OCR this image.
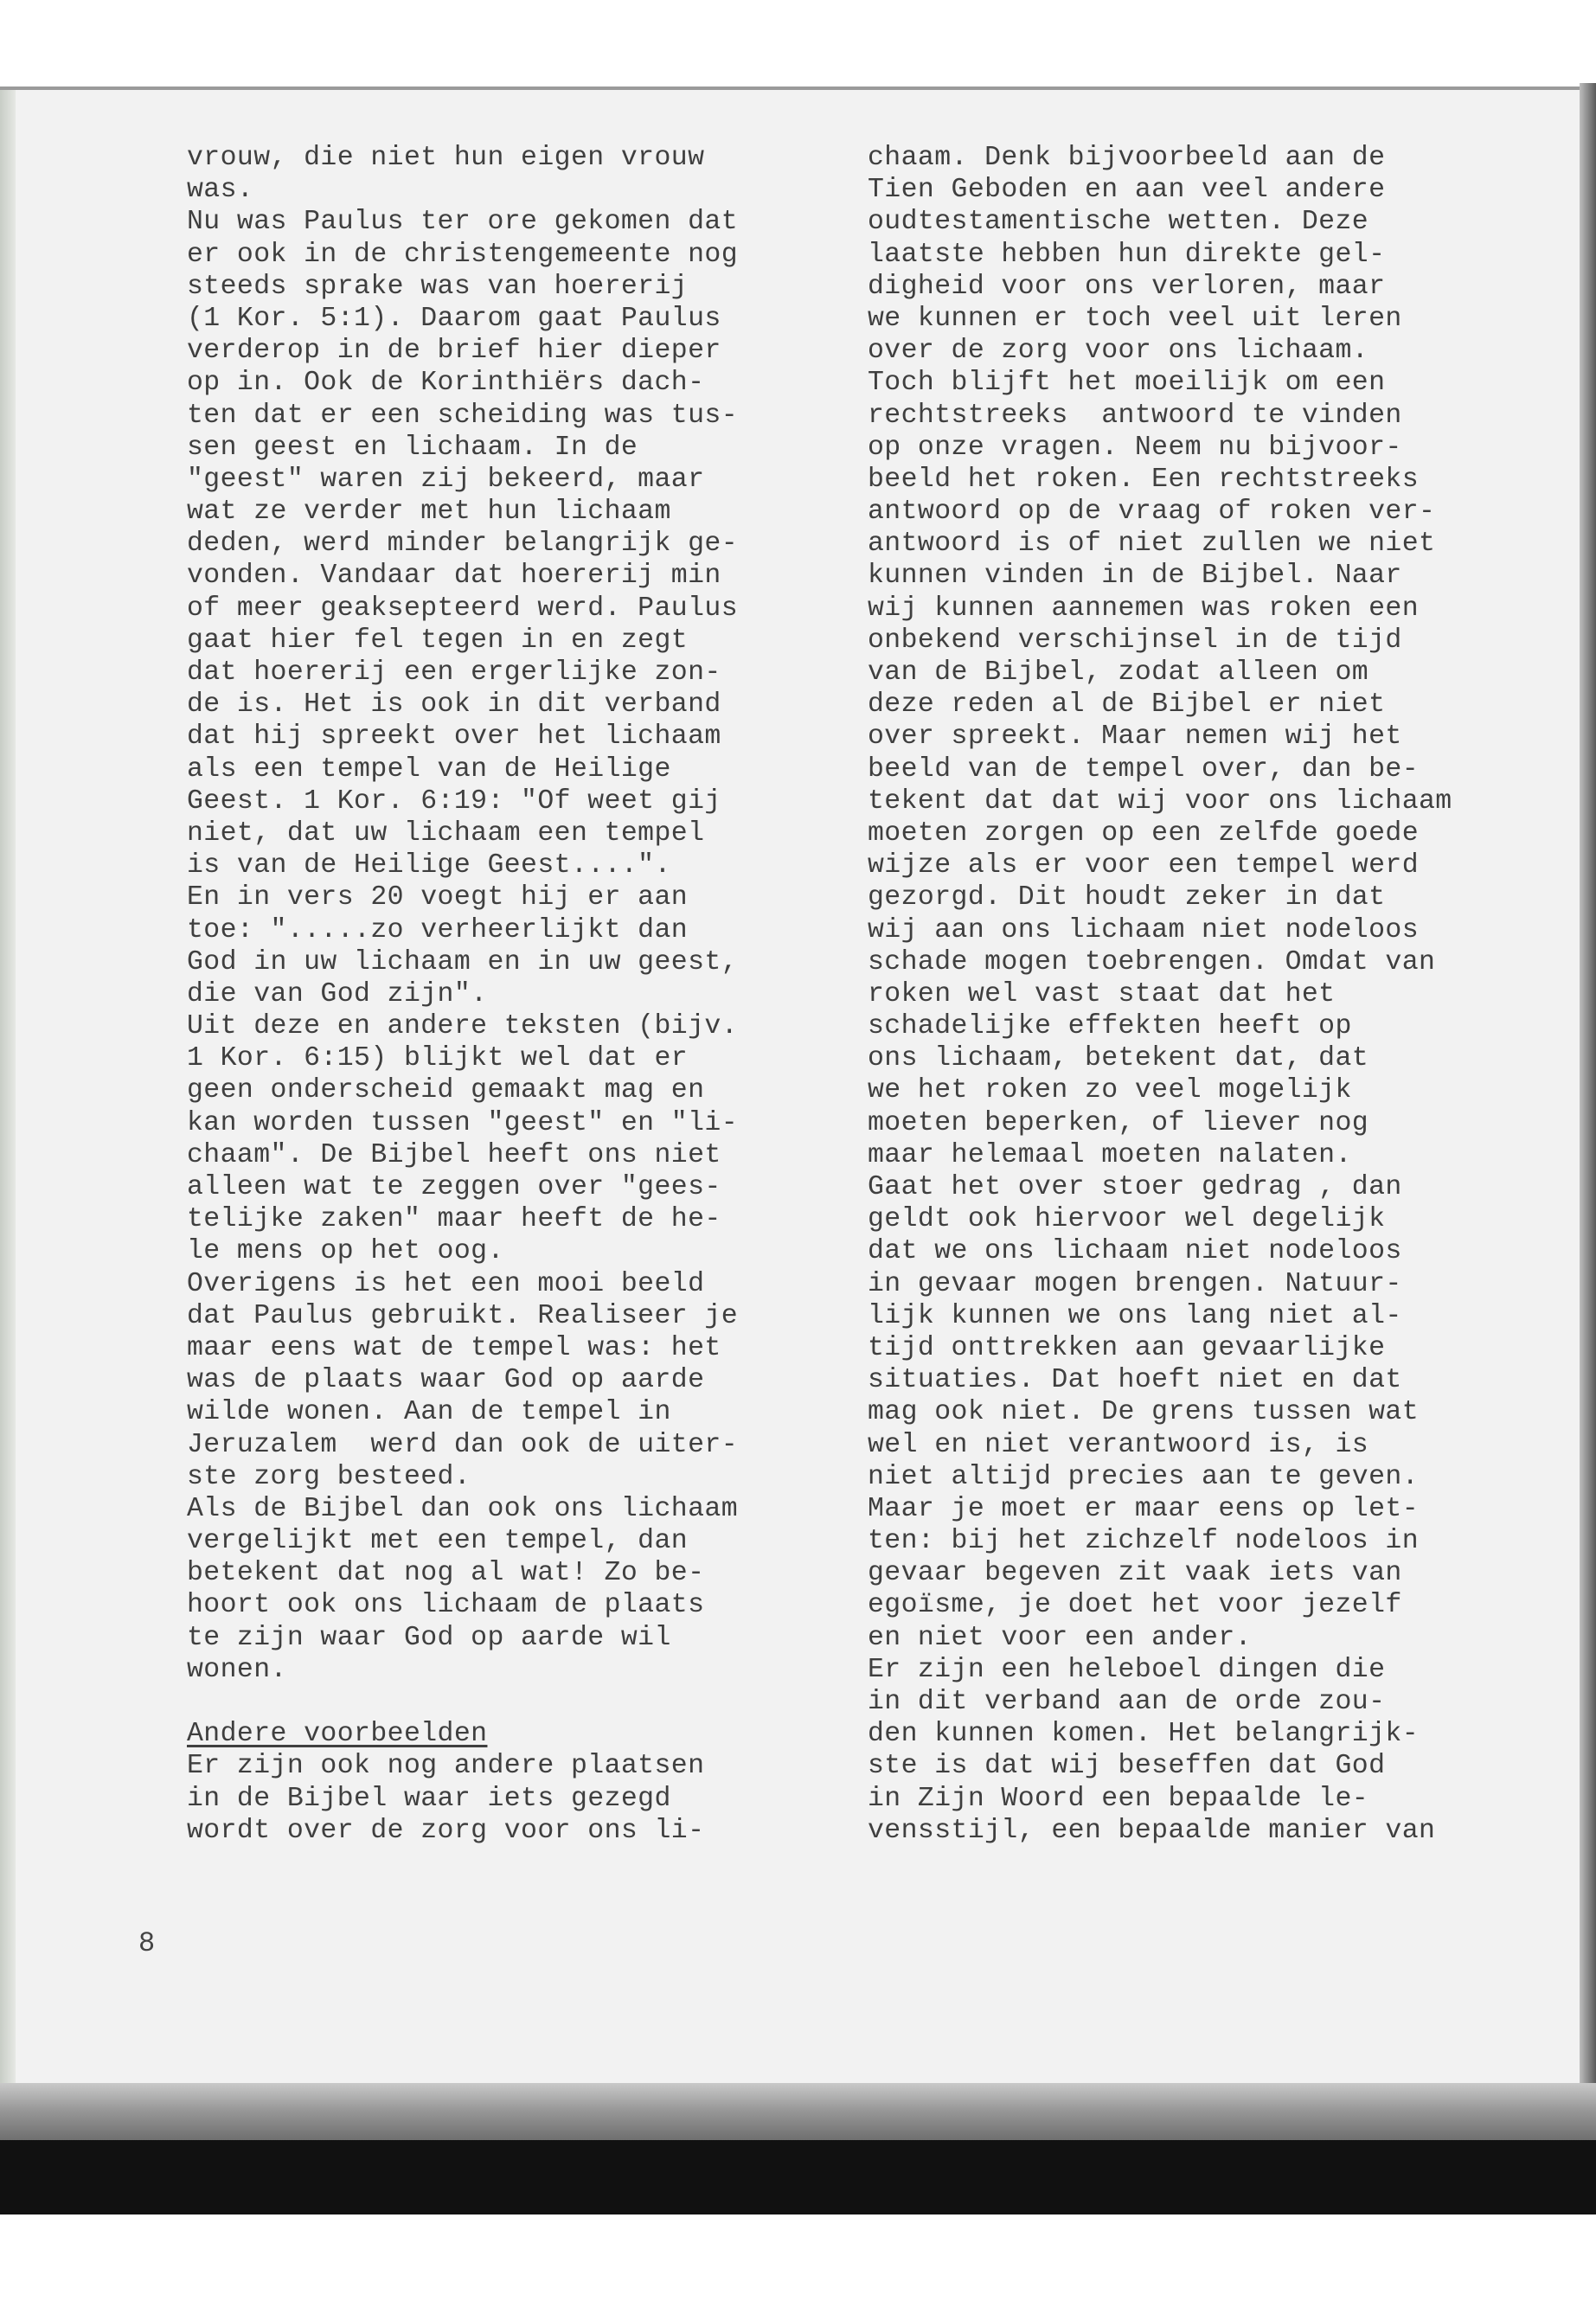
vrouw, die niet hun eigen vrouw
was.
Nu was Paulus ter ore gekomen dat
er ook in de christengemeente nog
steeds sprake was van hoererij
(1 Kor. 5:1). Daarom gaat Paulus
verderop in de brief hier dieper
op in. Ook de Korinthiërs dach-
ten dat er een scheiding was tus-
sen geest en lichaam. In de
"geest" waren zij bekeerd, maar
wat ze verder met hun lichaam
deden, werd minder belangrijk ge-
vonden. Vandaar dat hoererij min
of meer geaksepteerd werd. Paulus
gaat hier fel tegen in en zegt
dat hoererij een ergerlijke zon-
de is. Het is ook in dit verband
dat hij spreekt over het lichaam
als een tempel van de Heilige
Geest. 1 Kor. 6:19: "Of weet gij
niet, dat uw lichaam een tempel
is van de Heilige Geest....".
En in vers 20 voegt hij er aan
toe: ".....zo verheerlijkt dan
God in uw lichaam en in uw geest,
die van God zijn".
Uit deze en andere teksten (bijv.
1 Kor. 6:15) blijkt wel dat er
geen onderscheid gemaakt mag en
kan worden tussen "geest" en "li-
chaam". De Bijbel heeft ons niet
alleen wat te zeggen over "gees-
telijke zaken" maar heeft de he-
le mens op het oog.
Overigens is het een mooi beeld
dat Paulus gebruikt. Realiseer je
maar eens wat de tempel was: het
was de plaats waar God op aarde
wilde wonen. Aan de tempel in
Jeruzalem  werd dan ook de uiter-
ste zorg besteed.
Als de Bijbel dan ook ons lichaam
vergelijkt met een tempel, dan
betekent dat nog al wat! Zo be-
hoort ook ons lichaam de plaats
te zijn waar God op aarde wil
wonen.
Andere voorbeelden
Er zijn ook nog andere plaatsen
in de Bijbel waar iets gezegd
wordt over de zorg voor ons li-
chaam. Denk bijvoorbeeld aan de
Tien Geboden en aan veel andere
oudtestamentische wetten. Deze
laatste hebben hun direkte gel-
digheid voor ons verloren, maar
we kunnen er toch veel uit leren
over de zorg voor ons lichaam.
Toch blijft het moeilijk om een
rechtstreeks  antwoord te vinden
op onze vragen. Neem nu bijvoor-
beeld het roken. Een rechtstreeks
antwoord op de vraag of roken ver-
antwoord is of niet zullen we niet
kunnen vinden in de Bijbel. Naar
wij kunnen aannemen was roken een
onbekend verschijnsel in de tijd
van de Bijbel, zodat alleen om
deze reden al de Bijbel er niet
over spreekt. Maar nemen wij het
beeld van de tempel over, dan be-
tekent dat dat wij voor ons lichaam
moeten zorgen op een zelfde goede
wijze als er voor een tempel werd
gezorgd. Dit houdt zeker in dat
wij aan ons lichaam niet nodeloos
schade mogen toebrengen. Omdat van
roken wel vast staat dat het
schadelijke effekten heeft op
ons lichaam, betekent dat, dat
we het roken zo veel mogelijk
moeten beperken, of liever nog
maar helemaal moeten nalaten.
Gaat het over stoer gedrag , dan
geldt ook hiervoor wel degelijk
dat we ons lichaam niet nodeloos
in gevaar mogen brengen. Natuur-
lijk kunnen we ons lang niet al-
tijd onttrekken aan gevaarlijke
situaties. Dat hoeft niet en dat
mag ook niet. De grens tussen wat
wel en niet verantwoord is, is
niet altijd precies aan te geven.
Maar je moet er maar eens op let-
ten: bij het zichzelf nodeloos in
gevaar begeven zit vaak iets van
egoïsme, je doet het voor jezelf
en niet voor een ander.
Er zijn een heleboel dingen die
in dit verband aan de orde zou-
den kunnen komen. Het belangrijk-
ste is dat wij beseffen dat God
in Zijn Woord een bepaalde le-
vensstijl, een bepaalde manier van
8
